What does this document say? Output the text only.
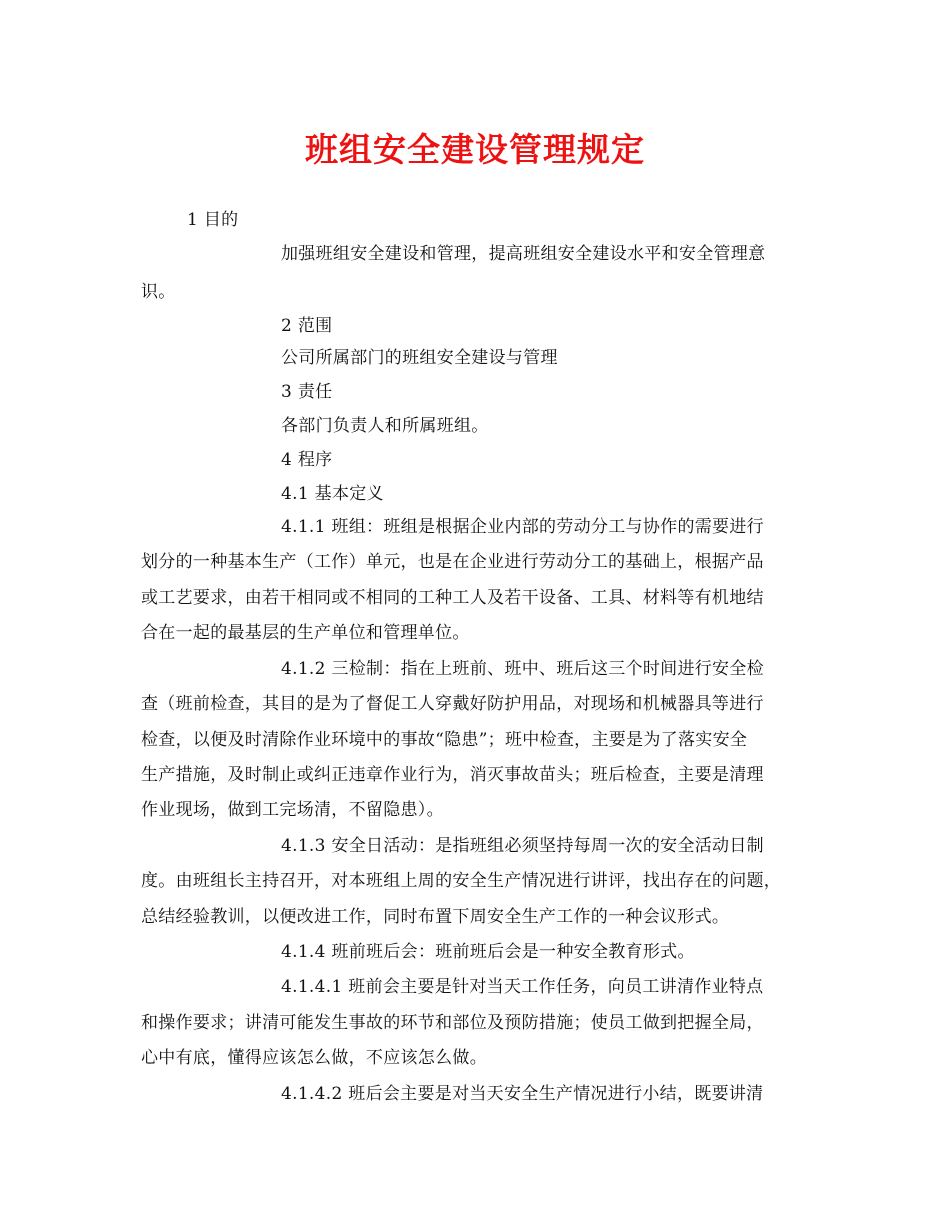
班组安全建设管理规定
1 目的
加强班组安全建设和管理，提高班组安全建设水平和安全管理意
识。
2 范围
公司所属部门的班组安全建设与管理
3 责任
各部门负责人和所属班组。
4 程序
4.1 基本定义
4.1.1 班组：班组是根据企业内部的劳动分工与协作的需要进行
划分的一种基本生产（工作）单元，也是在企业进行劳动分工的基础上，根据产品
或工艺要求，由若干相同或不相同的工种工人及若干设备、工具、材料等有机地结
合在一起的最基层的生产单位和管理单位。
4.1.2 三检制：指在上班前、班中、班后这三个时间进行安全检
查（班前检查，其目的是为了督促工人穿戴好防护用品，对现场和机械器具等进行
检查，以便及时清除作业环境中的事故“隐患”；班中检查，主要是为了落实安全
生产措施，及时制止或纠正违章作业行为，消灭事故苗头；班后检查，主要是清理
作业现场，做到工完场清，不留隐患）。
4.1.3 安全日活动：是指班组必须坚持每周一次的安全活动日制
度。由班组长主持召开，对本班组上周的安全生产情况进行讲评，找出存在的问题，
总结经验教训，以便改进工作，同时布置下周安全生产工作的一种会议形式。
4.1.4 班前班后会：班前班后会是一种安全教育形式。
4.1.4.1 班前会主要是针对当天工作任务，向员工讲清作业特点
和操作要求；讲清可能发生事故的环节和部位及预防措施；使员工做到把握全局，
心中有底，懂得应该怎么做，不应该怎么做。
4.1.4.2 班后会主要是对当天安全生产情况进行小结，既要讲清
